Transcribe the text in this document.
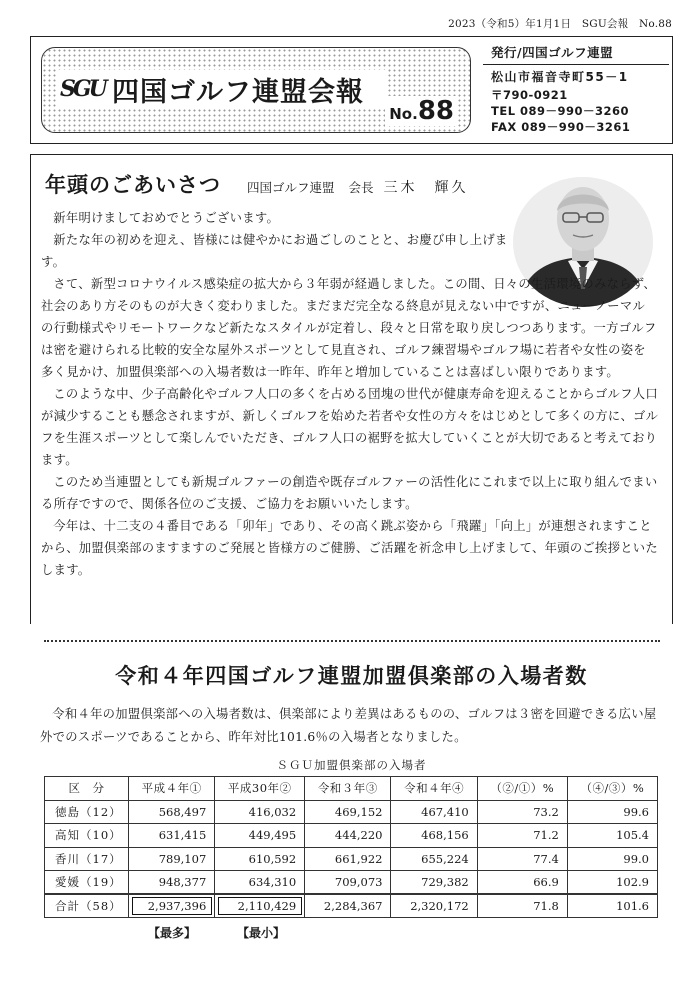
2023（令和5）年1月1日　SGU会報　No.88
SGU 四国ゴルフ連盟会報
No.88
発行/四国ゴルフ連盟
松山市福音寺町55－1
〒790-0921
TEL 089－990－3260
FAX 089－990－3261
年頭のごあいさつ 四国ゴルフ連盟 会長 三木　輝久

新年明けましておめでとうございます。

新たな年の初めを迎え、皆様には健やかにお過ごしのことと、お慶び申し上げます。

さて、新型コロナウイルス感染症の拡大から３年弱が経過しました。この間、日々の生活環境のみならず、社会のあり方そのものが大きく変わりました。まだまだ完全なる終息が見えない中ですが、ニューノーマルの行動様式やリモートワークなど新たなスタイルが定着し、段々と日常を取り戻しつつあります。一方ゴルフは密を避けられる比較的安全な屋外スポーツとして見直され、ゴルフ練習場やゴルフ場に若者や女性の姿を多く見かけ、加盟倶楽部への入場者数は一昨年、昨年と増加していることは喜ばしい限りであります。

このような中、少子高齢化やゴルフ人口の多くを占める団塊の世代が健康寿命を迎えることからゴルフ人口が減少することも懸念されますが、新しくゴルフを始めた若者や女性の方々をはじめとして多くの方に、ゴルフを生涯スポーツとして楽しんでいただき、ゴルフ人口の裾野を拡大していくことが大切であると考えております。

このため当連盟としても新規ゴルファーの創造や既存ゴルファーの活性化にこれまで以上に取り組んでまいる所存ですので、関係各位のご支援、ご協力をお願いいたします。

今年は、十二支の４番目である「卯年」であり、その高く跳ぶ姿から「飛躍」「向上」が連想されますことから、加盟倶楽部のますますのご発展と皆様方のご健勝、ご活躍を祈念申し上げまして、年頭のご挨拶といたします。

令和４年四国ゴルフ連盟加盟倶楽部の入場者数

令和４年の加盟倶楽部への入場者数は、倶楽部により差異はあるものの、ゴルフは３密を回避できる広い屋外でのスポーツであることから、昨年対比101.6％の入場者となりました。

ＳＧＵ加盟倶楽部の入場者
区　分	平成４年①	平成30年②	令和３年③	令和４年④	（②/①）%	（④/③）%
徳島（12）	568,497	416,032	469,152	467,410	73.2	99.6
高知（10）	631,415	449,495	444,220	468,156	71.2	105.4
香川（17）	789,107	610,592	661,922	655,224	77.4	99.0
愛媛（19）	948,377	634,310	709,073	729,382	66.9	102.9
合計（58）	2,937,396	2,110,429	2,284,367	2,320,172	71.8	101.6
【最多】	【最小】
